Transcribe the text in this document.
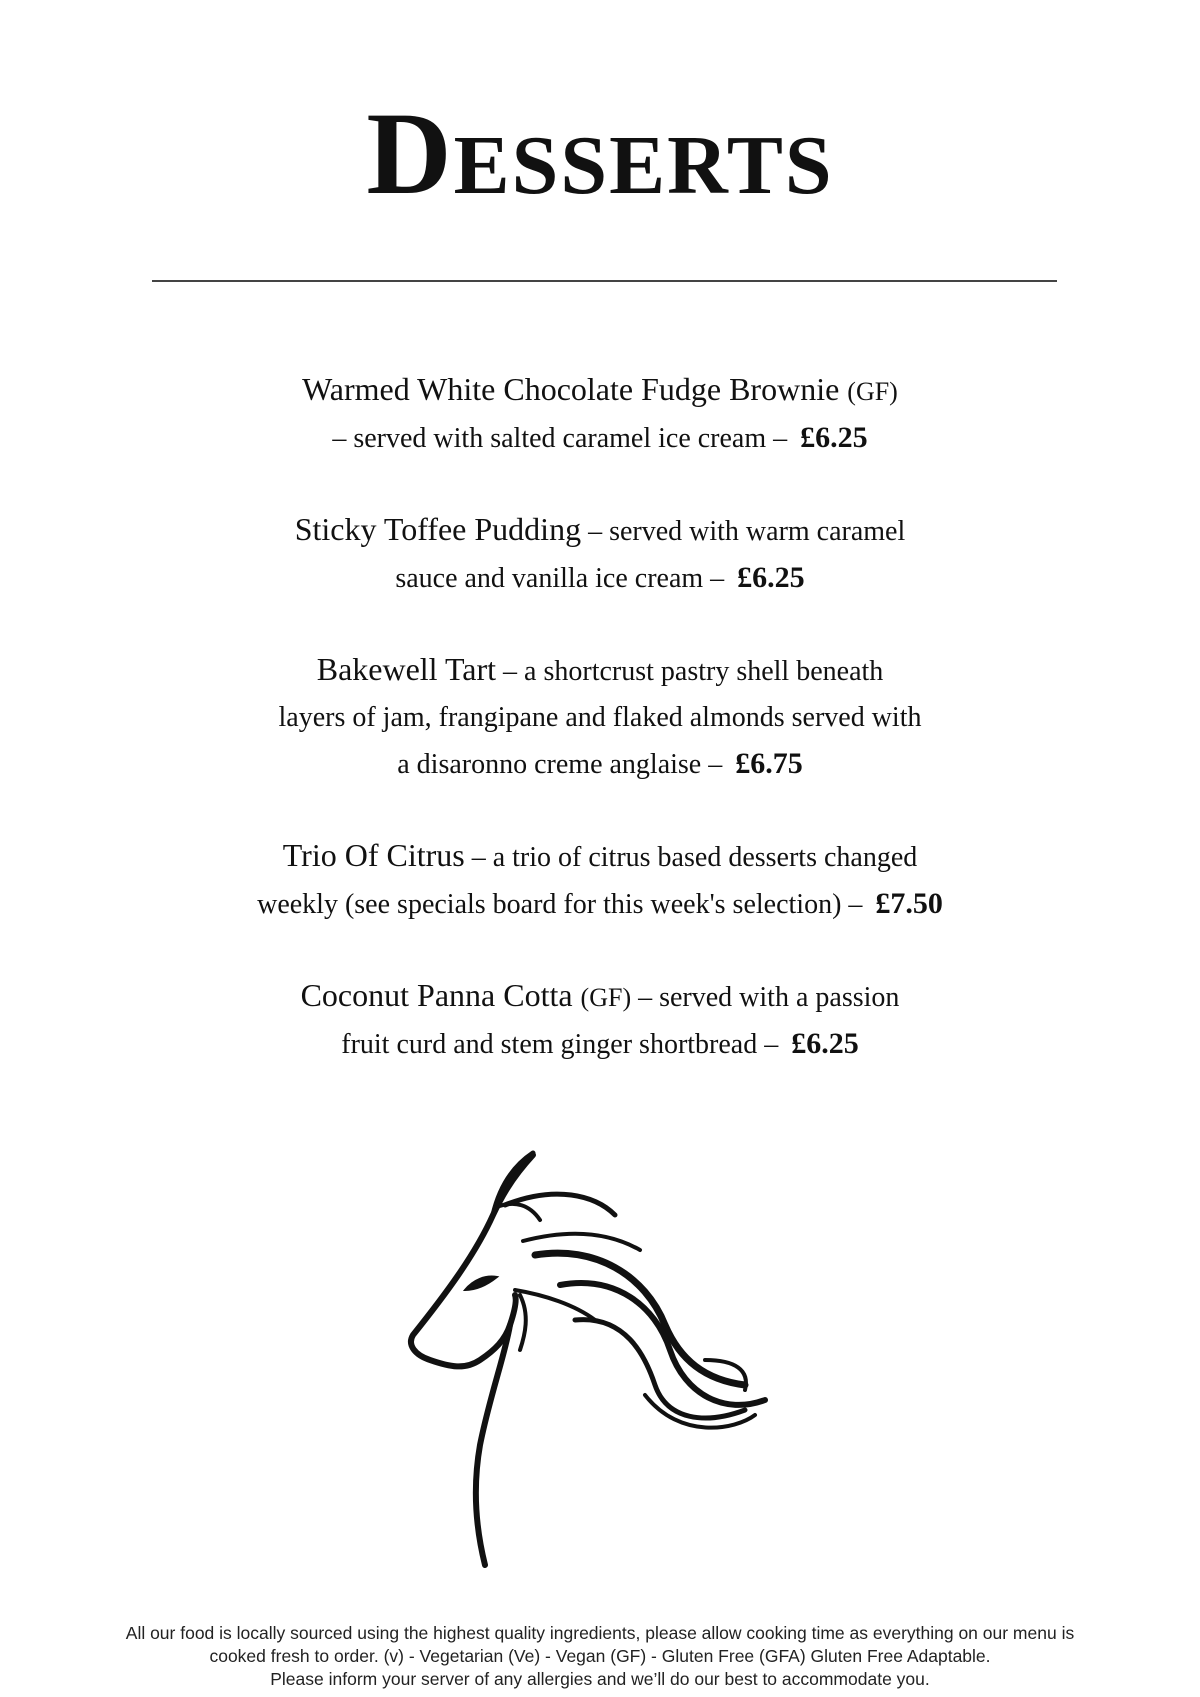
DESSERTS
Warmed White Chocolate Fudge Brownie (GF)
– served with salted caramel ice cream – £6.25
Sticky Toffee Pudding – served with warm caramel
sauce and vanilla ice cream – £6.25
Bakewell Tart – a shortcrust pastry shell beneath
layers of jam, frangipane and flaked almonds served with
a disaronno creme anglaise – £6.75
Trio Of Citrus – a trio of citrus based desserts changed
weekly (see specials board for this week's selection) – £7.50
Coconut Panna Cotta (GF) – served with a passion
fruit curd and stem ginger shortbread – £6.25
All our food is locally sourced using the highest quality ingredients, please allow cooking time as everything on our menu is
cooked fresh to order. (v) - Vegetarian (Ve) - Vegan (GF) - Gluten Free (GFA) Gluten Free Adaptable.
Please inform your server of any allergies and we’ll do our best to accommodate you.
